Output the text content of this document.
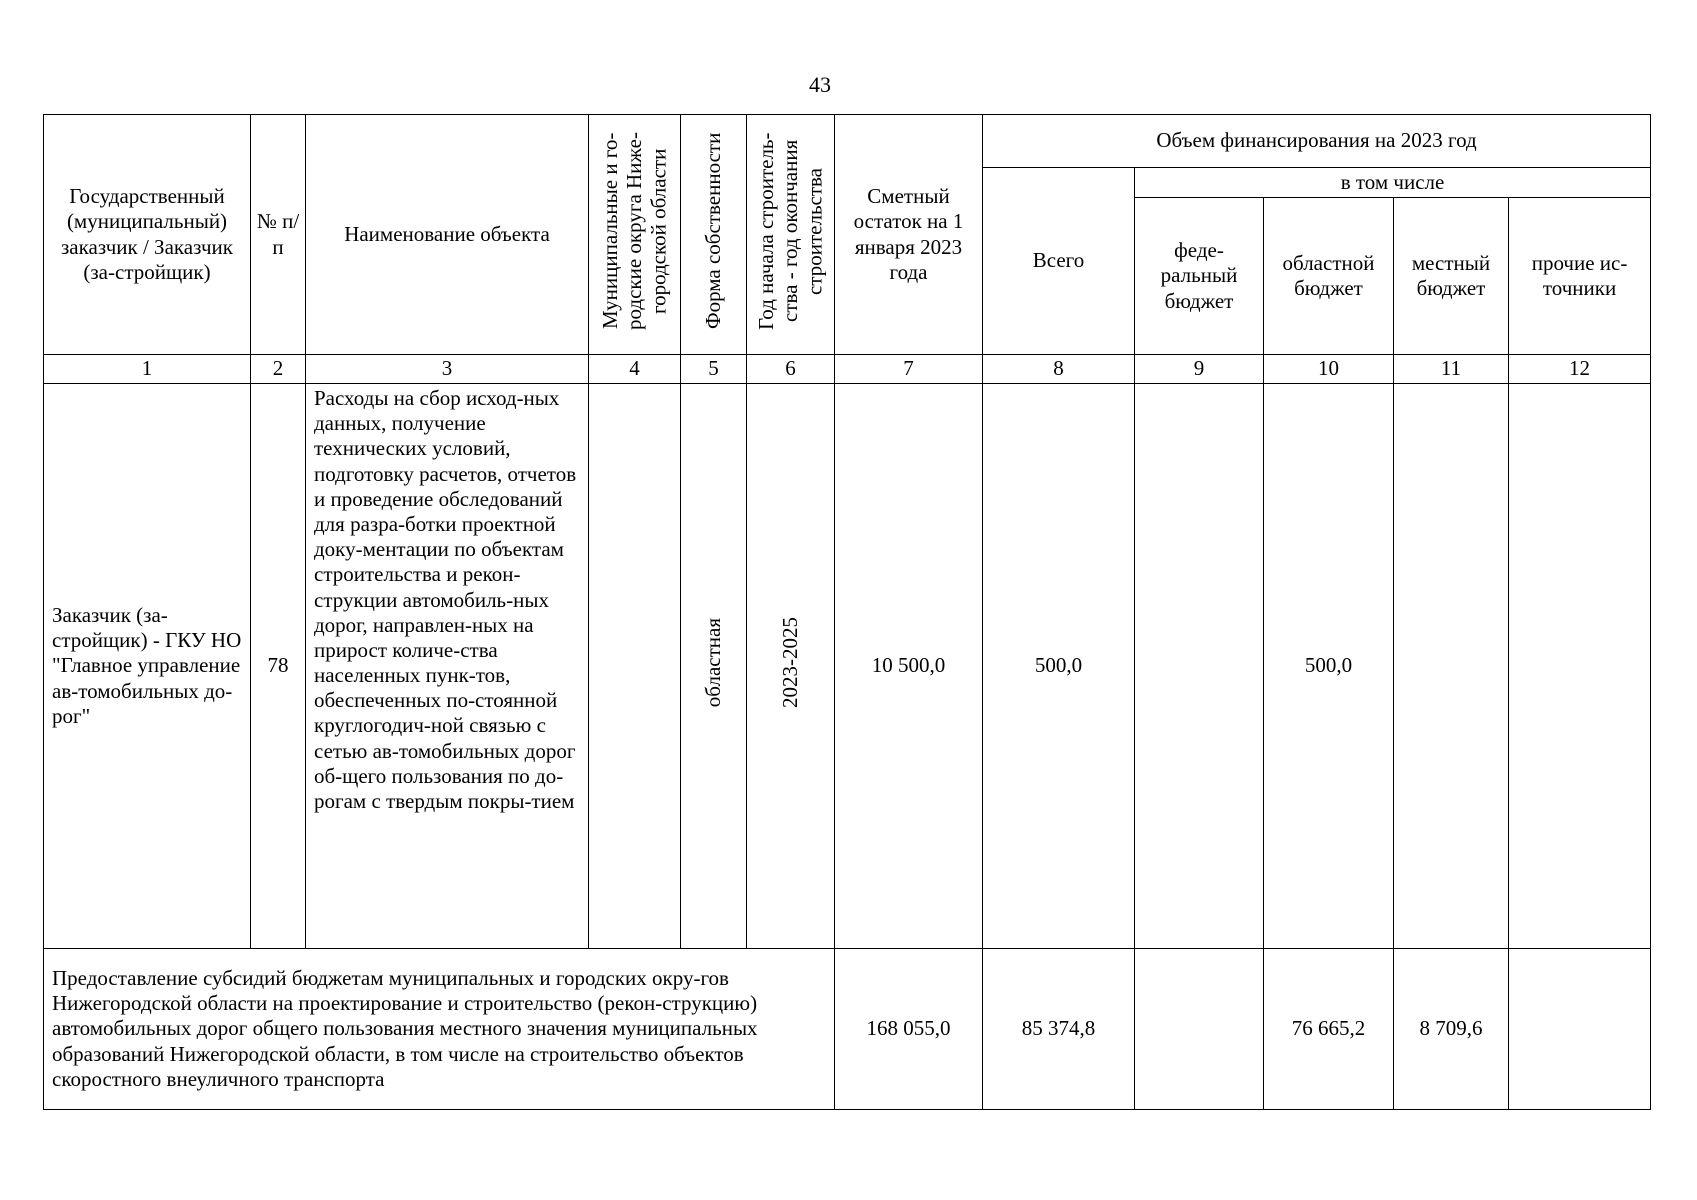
43
Государственный (муниципальный) заказчик / Заказчик (за-стройщик)	№ п/п	Наименование объекта	Муниципальные и го-родские округа Ниже-городской области	Форма собственности	Год начала строитель-ства - год окончания строительства	Сметный остаток на 1 января 2023 года	Объем финансирования на 2023 год				
							Всего	в том числе			
								феде-ральный бюджет	областной бюджет	местный бюджет	прочие ис-точники
1	2	3	4	5	6	7	8	9	10	11	12
Заказчик (за-стройщик) - ГКУ НО "Главное управление ав-томобильных до-рог"	78	Расходы на сбор исход-ных данных, получение технических условий, подготовку расчетов, отчетов и проведение обследований для разра-ботки проектной доку-ментации по объектам строительства и рекон-струкции автомобиль-ных дорог, направлен-ных на прирост количе-ства населенных пунк-тов, обеспеченных по-стоянной круглогодич-ной связью с сетью ав-томобильных дорог об-щего пользования по до-рогам с твердым покры-тием		областная	2023-2025	10 500,0	500,0		500,0		
Предоставление субсидий бюджетам муниципальных и городских окру-гов Нижегородской области на проектирование и строительство (рекон-струкцию) автомобильных дорог общего пользования местного значения муниципальных образований Нижегородской области, в том числе на строительство объектов скоростного внеуличного транспорта						168 055,0	85 374,8		76 665,2	8 709,6	
